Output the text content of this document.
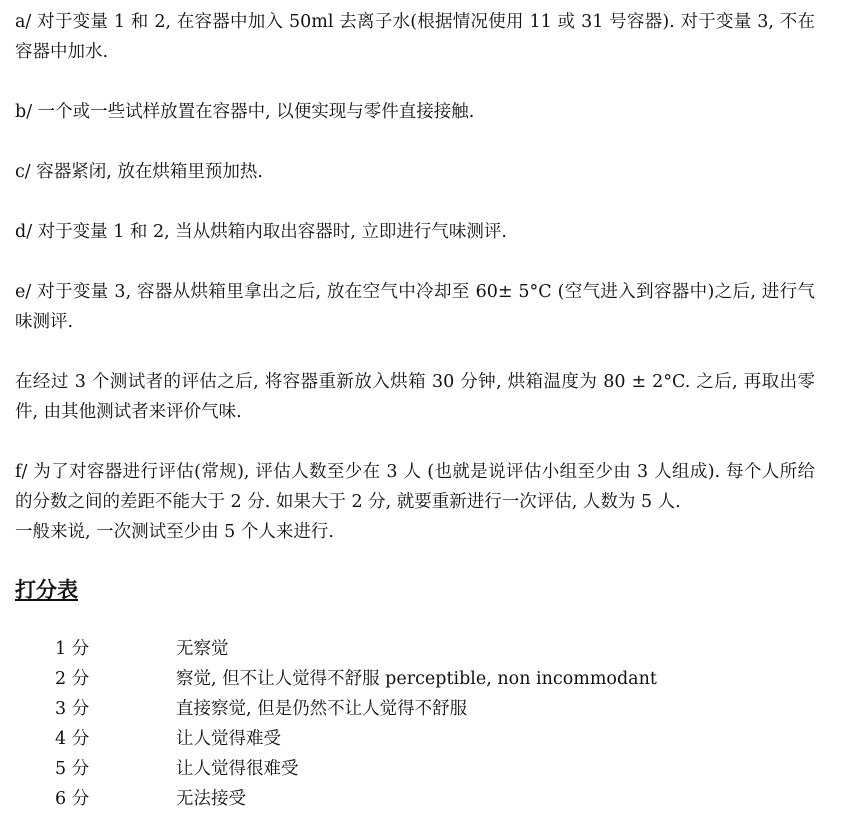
a/ 对于变量 1 和 2, 在容器中加入 50ml 去离子水(根据情况使用 11 或 31 号容器). 对于变量 3, 不在容器中加水.

b/ 一个或一些试样放置在容器中, 以便实现与零件直接接触.

c/ 容器紧闭, 放在烘箱里预加热.

d/ 对于变量 1 和 2, 当从烘箱内取出容器时, 立即进行气味测评.

e/ 对于变量 3, 容器从烘箱里拿出之后, 放在空气中冷却至 60± 5°C (空气进入到容器中)之后, 进行气味测评.

在经过 3 个测试者的评估之后, 将容器重新放入烘箱 30 分钟, 烘箱温度为 80 ± 2°C. 之后, 再取出零件, 由其他测试者来评价气味.

f/ 为了对容器进行评估(常规), 评估人数至少在 3 人 (也就是说评估小组至少由 3 人组成). 每个人所给的分数之间的差距不能大于 2 分. 如果大于 2 分, 就要重新进行一次评估, 人数为 5 人.

一般来说, 一次测试至少由 5 个人来进行.

打分表
1 分	无察觉
2 分	察觉, 但不让人觉得不舒服 perceptible, non incommodant
3 分	直接察觉, 但是仍然不让人觉得不舒服
4 分	让人觉得难受
5 分	让人觉得很难受
6 分	无法接受
